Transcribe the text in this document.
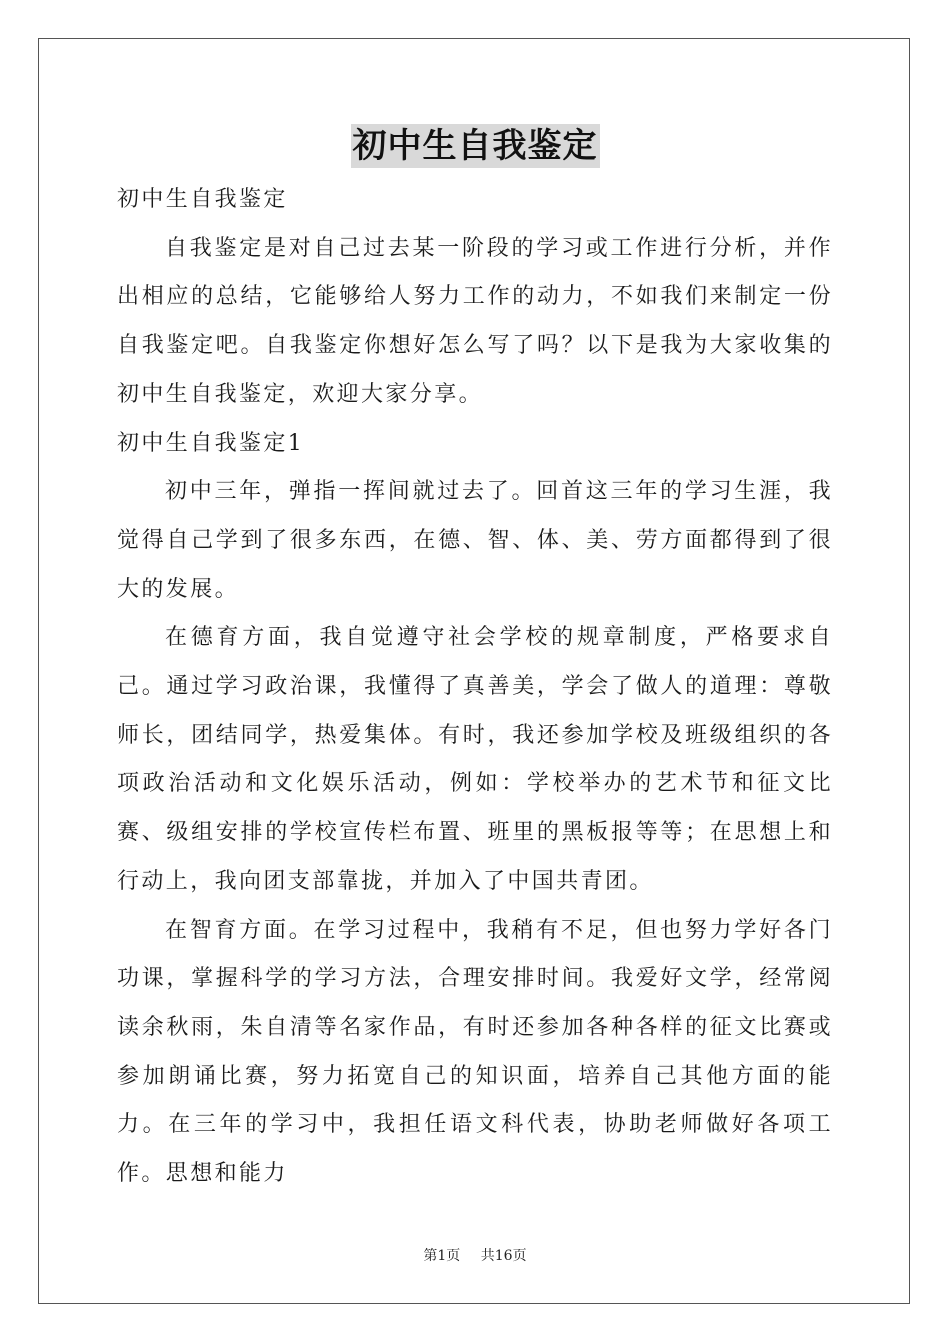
初中生自我鉴定

初中生自我鉴定

自我鉴定是对自己过去某一阶段的学习或工作进行分析，并作出相应的总结，它能够给人努力工作的动力，不如我们来制定一份自我鉴定吧。自我鉴定你想好怎么写了吗？以下是我为大家收集的初中生自我鉴定，欢迎大家分享。

初中生自我鉴定1

初中三年，弹指一挥间就过去了。回首这三年的学习生涯，我觉得自己学到了很多东西，在德、智、体、美、劳方面都得到了很大的发展。

在德育方面，我自觉遵守社会学校的规章制度，严格要求自己。通过学习政治课，我懂得了真善美，学会了做人的道理：尊敬师长，团结同学，热爱集体。有时，我还参加学校及班级组织的各项政治活动和文化娱乐活动，例如：学校举办的艺术节和征文比赛、级组安排的学校宣传栏布置、班里的黑板报等等；在思想上和行动上，我向团支部靠拢，并加入了中国共青团。

在智育方面。在学习过程中，我稍有不足，但也努力学好各门功课，掌握科学的学习方法，合理安排时间。我爱好文学，经常阅读余秋雨，朱自清等名家作品，有时还参加各种各样的征文比赛或参加朗诵比赛，努力拓宽自己的知识面，培养自己其他方面的能力。在三年的学习中，我担任语文科代表，协助老师做好各项工作。思想和能力

第1页 共16页
